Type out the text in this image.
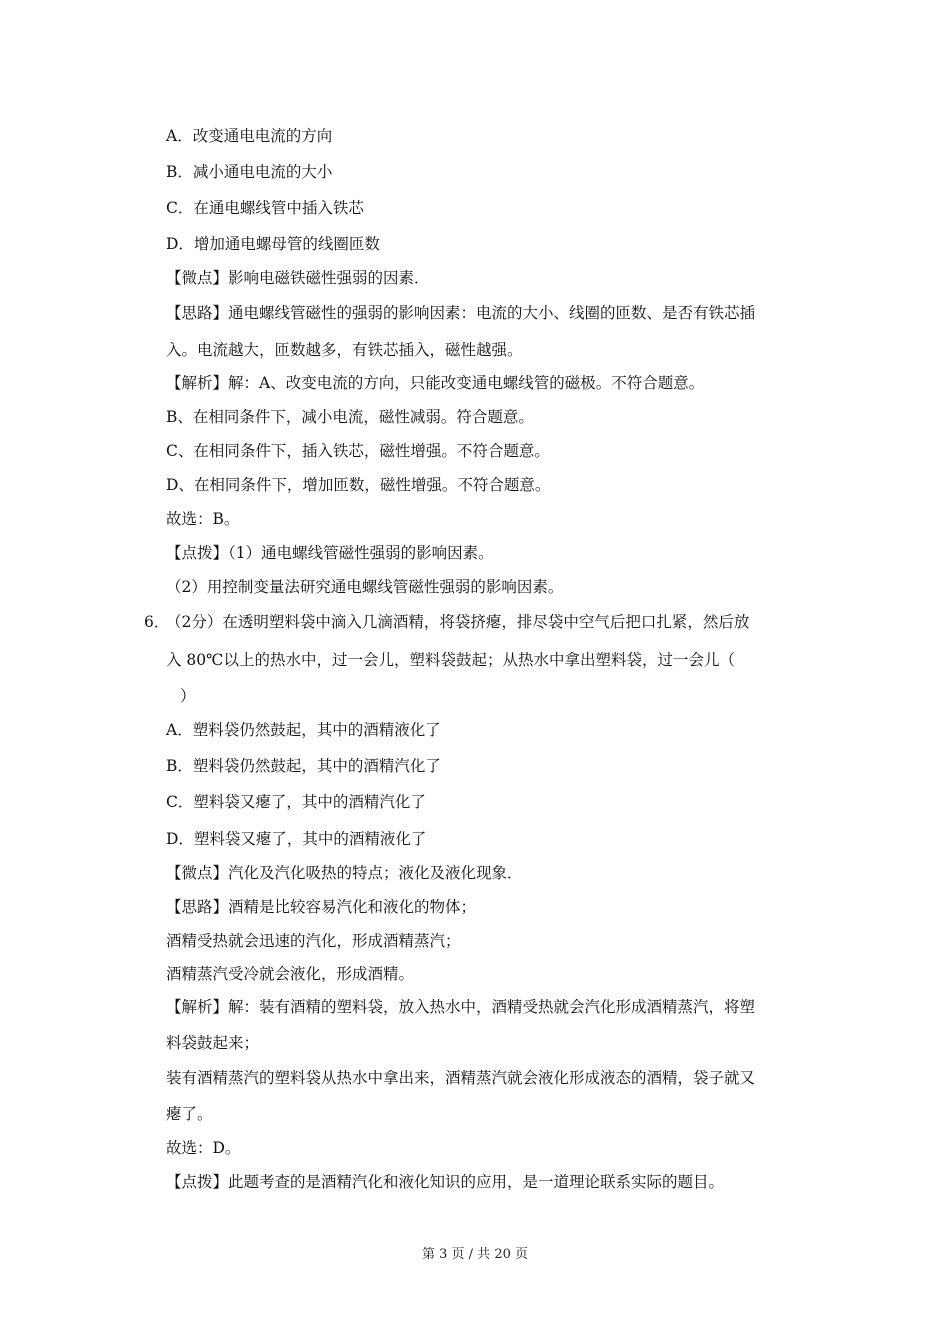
A．改变通电电流的方向
B．减小通电电流的大小
C．在通电螺线管中插入铁芯
D．增加通电螺母管的线圈匝数
【微点】影响电磁铁磁性强弱的因素．
【思路】通电螺线管磁性的强弱的影响因素：电流的大小、线圈的匝数、是否有铁芯插
入。电流越大，匝数越多，有铁芯插入，磁性越强。
【解析】解：A、改变电流的方向，只能改变通电螺线管的磁极。不符合题意。
B、在相同条件下，减小电流，磁性减弱。符合题意。
C、在相同条件下，插入铁芯，磁性增强。不符合题意。
D、在相同条件下，增加匝数，磁性增强。不符合题意。
故选：B。
【点拨】（1）通电螺线管磁性强弱的影响因素。
（2）用控制变量法研究通电螺线管磁性强弱的影响因素。
6．
（2分）在透明塑料袋中滴入几滴酒精，将袋挤瘪，排尽袋中空气后把口扎紧，然后放
入 80℃以上的热水中，过一会儿，塑料袋鼓起；从热水中拿出塑料袋，过一会儿（
）
A．塑料袋仍然鼓起，其中的酒精液化了
B．塑料袋仍然鼓起，其中的酒精汽化了
C．塑料袋又瘪了，其中的酒精汽化了
D．塑料袋又瘪了，其中的酒精液化了
【微点】汽化及汽化吸热的特点；液化及液化现象．
【思路】酒精是比较容易汽化和液化的物体；
酒精受热就会迅速的汽化，形成酒精蒸汽；
酒精蒸汽受冷就会液化，形成酒精。
【解析】解：装有酒精的塑料袋，放入热水中，酒精受热就会汽化形成酒精蒸汽，将塑
料袋鼓起来；
装有酒精蒸汽的塑料袋从热水中拿出来，酒精蒸汽就会液化形成液态的酒精，袋子就又
瘪了。
故选：D。
【点拨】此题考查的是酒精汽化和液化知识的应用，是一道理论联系实际的题目。
第 3 页 / 共 20 页
